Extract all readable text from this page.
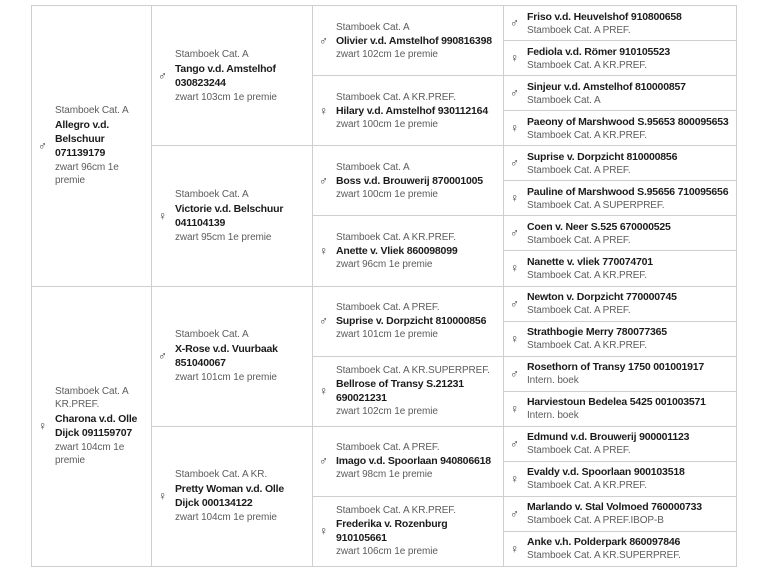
♂
Stamboek Cat. A
Allegro v.d. Belschuur 071139179
zwart 96cm 1e premie
♀
Stamboek Cat. A KR.PREF.
Charona v.d. Olle Dijck 091159707
zwart 104cm 1e premie
♂
Stamboek Cat. A
Tango v.d. Amstelhof 030823244
zwart 103cm 1e premie
♀
Stamboek Cat. A
Victorie v.d. Belschuur 041104139
zwart 95cm 1e premie
♂
Stamboek Cat. A
X-Rose v.d. Vuurbaak 851040067
zwart 101cm 1e premie
♀
Stamboek Cat. A KR.
Pretty Woman v.d. Olle Dijck 000134122
zwart 104cm 1e premie
♂
Stamboek Cat. A
Olivier v.d. Amstelhof 990816398
zwart 102cm 1e premie
♀
Stamboek Cat. A KR.PREF.
Hilary v.d. Amstelhof 930112164
zwart 100cm 1e premie
♂
Stamboek Cat. A
Boss v.d. Brouwerij 870001005
zwart 100cm 1e premie
♀
Stamboek Cat. A KR.PREF.
Anette v. Vliek 860098099
zwart 96cm 1e premie
♂
Stamboek Cat. A PREF.
Suprise v. Dorpzicht 810000856
zwart 101cm 1e premie
♀
Stamboek Cat. A KR.SUPERPREF.
Bellrose of Transy S.21231 690021231
zwart 102cm 1e premie
♂
Stamboek Cat. A PREF.
Imago v.d. Spoorlaan 940806618
zwart 98cm 1e premie
♀
Stamboek Cat. A KR.PREF.
Frederika v. Rozenburg 910105661
zwart 106cm 1e premie
♂ Friso v.d. Heuvelshof 910800658
Stamboek Cat. A PREF.
♀ Fediola v.d. Römer 910105523
Stamboek Cat. A KR.PREF.
♂ Sinjeur v.d. Amstelhof 810000857
Stamboek Cat. A
♀ Paeony of Marshwood S.95653 800095653
Stamboek Cat. A KR.PREF.
♂ Suprise v. Dorpzicht 810000856
Stamboek Cat. A PREF.
♀ Pauline of Marshwood S.95656 710095656
Stamboek Cat. A SUPERPREF.
♂ Coen v. Neer S.525 670000525
Stamboek Cat. A PREF.
♀ Nanette v. vliek 770074701
Stamboek Cat. A KR.PREF.
♂ Newton v. Dorpzicht 770000745
Stamboek Cat. A PREF.
♀ Strathbogie Merry 780077365
Stamboek Cat. A KR.PREF.
♂ Rosethorn of Transy 1750 001001917
Intern. boek
♀ Harviestoun Bedelea 5425 001003571
Intern. boek
♂ Edmund v.d. Brouwerij 900001123
Stamboek Cat. A PREF.
♀ Evaldy v.d. Spoorlaan 900103518
Stamboek Cat. A KR.PREF.
♂ Marlando v. Stal Volmoed 760000733
Stamboek Cat. A PREF.IBOP-B
♀ Anke v.h. Polderpark 860097846
Stamboek Cat. A KR.SUPERPREF.
